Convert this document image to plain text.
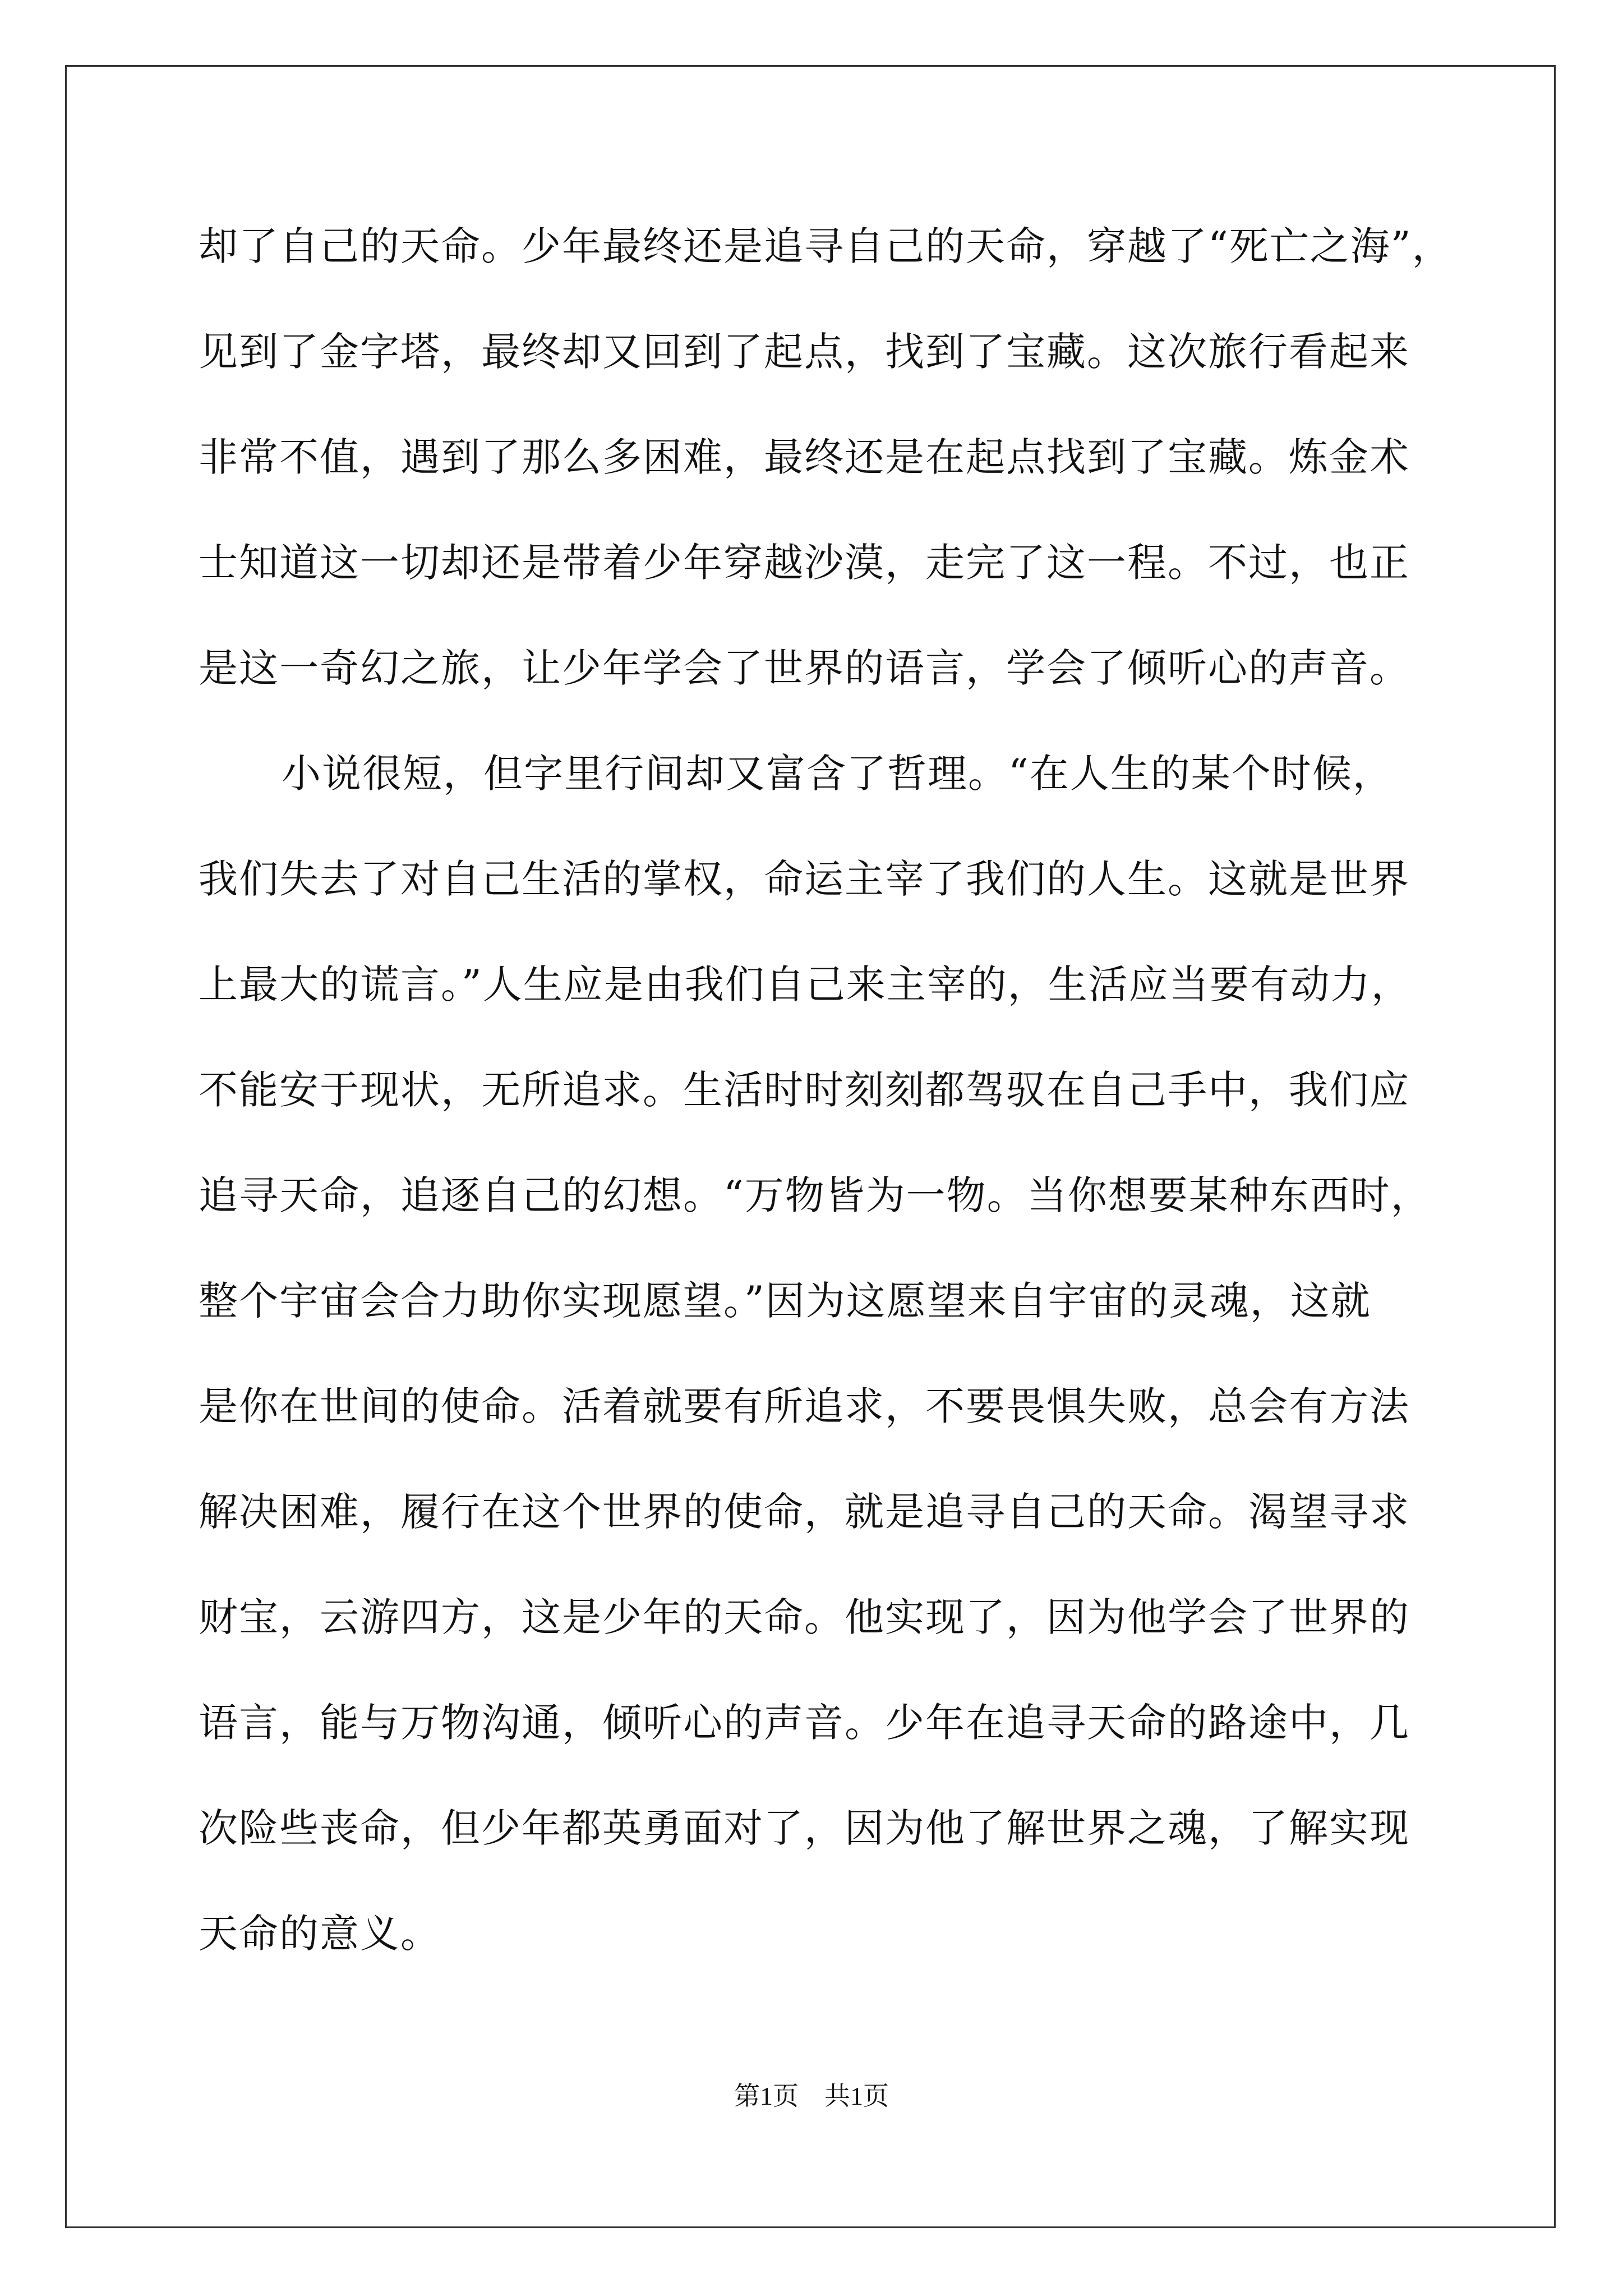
却了自己的天命。少年最终还是追寻自己的天命，穿越了“死亡之海”，
见到了金字塔，最终却又回到了起点，找到了宝藏。这次旅行看起来
非常不值，遇到了那么多困难，最终还是在起点找到了宝藏。炼金术
士知道这一切却还是带着少年穿越沙漠，走完了这一程。不过，也正
是这一奇幻之旅，让少年学会了世界的语言，学会了倾听心的声音。
小说很短，但字里行间却又富含了哲理。“在人生的某个时候，
我们失去了对自己生活的掌权，命运主宰了我们的人生。这就是世界
上最大的谎言。”人生应是由我们自己来主宰的，生活应当要有动力，
不能安于现状，无所追求。生活时时刻刻都驾驭在自己手中，我们应
追寻天命，追逐自己的幻想。“万物皆为一物。当你想要某种东西时，
整个宇宙会合力助你实现愿望。”因为这愿望来自宇宙的灵魂，这就
是你在世间的使命。活着就要有所追求，不要畏惧失败，总会有方法
解决困难，履行在这个世界的使命，就是追寻自己的天命。渴望寻求
财宝，云游四方，这是少年的天命。他实现了，因为他学会了世界的
语言，能与万物沟通，倾听心的声音。少年在追寻天命的路途中，几
次险些丧命，但少年都英勇面对了，因为他了解世界之魂，了解实现
天命的意义。
第1页　共1页
